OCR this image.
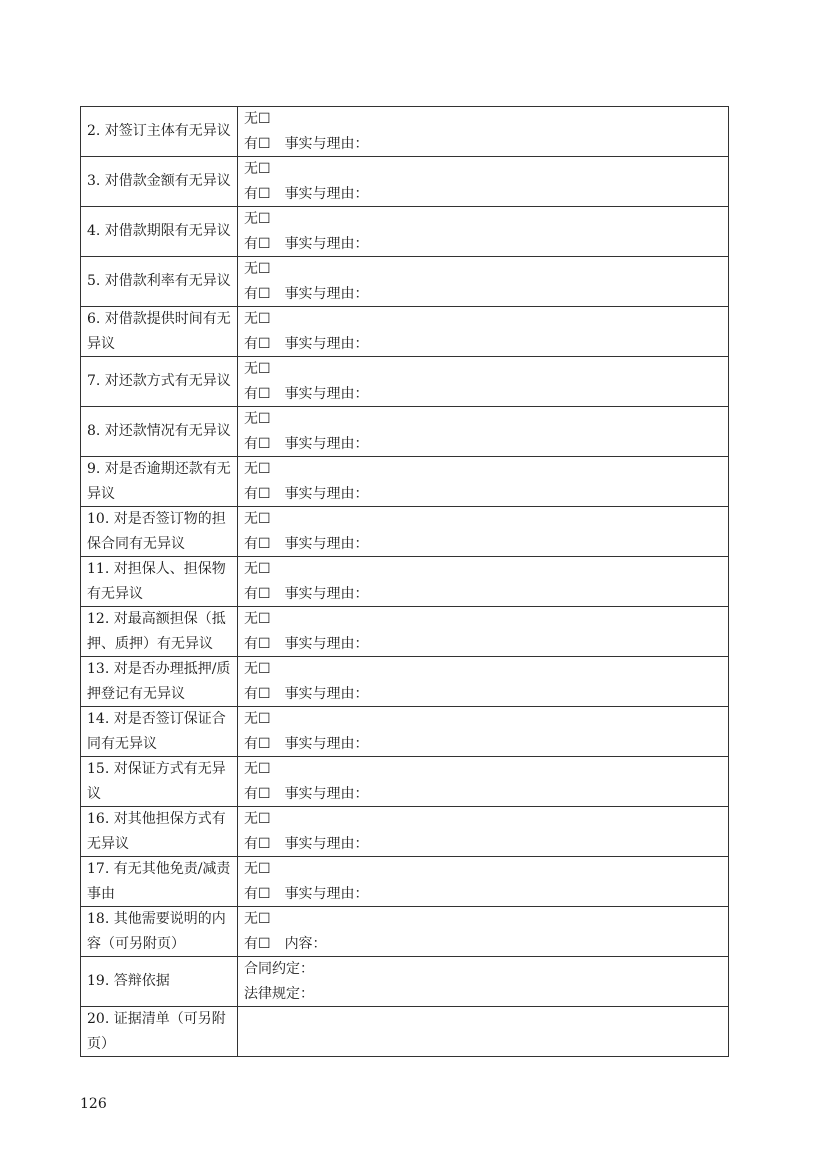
2. 对签订主体有无异议	无☐
有☐ 事实与理由：

3. 对借款金额有无异议	无☐
有☐ 事实与理由：

4. 对借款期限有无异议	无☐
有☐ 事实与理由：

5. 对借款利率有无异议	无☐
有☐ 事实与理由：

6. 对借款提供时间有无异议	无☐
有☐ 事实与理由：

7. 对还款方式有无异议	无☐
有☐ 事实与理由：

8. 对还款情况有无异议	无☐
有☐ 事实与理由：

9. 对是否逾期还款有无异议	无☐
有☐ 事实与理由：

10. 对是否签订物的担保合同有无异议	无☐
有☐ 事实与理由：

11. 对担保人、担保物有无异议	无☐
有☐ 事实与理由：

12. 对最高额担保（抵押、质押）有无异议	无☐
有☐ 事实与理由：

13. 对是否办理抵押/质押登记有无异议	无☐
有☐ 事实与理由：

14. 对是否签订保证合同有无异议	无☐
有☐ 事实与理由：

15. 对保证方式有无异议	无☐
有☐ 事实与理由：

16. 对其他担保方式有无异议	无☐
有☐ 事实与理由：

17. 有无其他免责/减责事由	无☐
有☐ 事实与理由：

18. 其他需要说明的内容（可另附页）	无☐
有☐ 内容：

19. 答辩依据	合同约定：
法律规定：

20. 证据清单（可另附页）	
126
